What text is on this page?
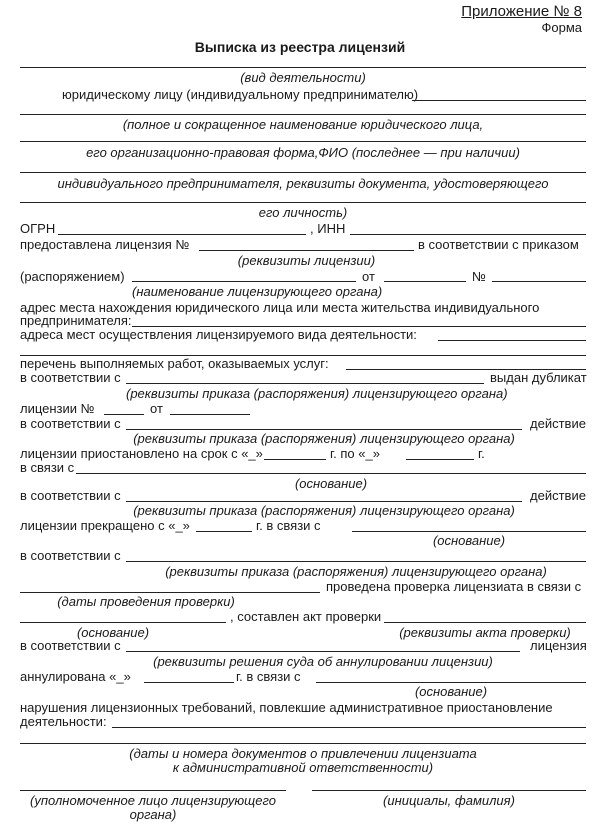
Приложение № 8
Форма
Выписка из реестра лицензий
(вид деятельности)
юридическому лицу (индивидуальному предпринимателю)
(полное и сокращенное наименование юридического лица,
его организационно-правовая форма,ФИО (последнее — при наличии)
индивидуального предпринимателя, реквизиты документа, удостоверяющего
его личность)
ОГРН	, ИНН
предоставлена лицензия №	в соответствии с приказом
(реквизиты лицензии)
(распоряжением)	от	№
(наименование лицензирующего органа)
адрес места нахождения юридического лица или места жительства индивидуального
предпринимателя:
адреса мест осуществления лицензируемого вида деятельности:
перечень выполняемых работ, оказываемых услуг:
в соответствии с	выдан дубликат
(реквизиты приказа (распоряжения) лицензирующего органа)
лицензии №	от
в соответствии с	действие
(реквизиты приказа (распоряжения) лицензирующего органа)
лицензии приостановлено на срок с «_»	г. по «_»	г.
в связи с
(основание)
в соответствии с	действие
(реквизиты приказа (распоряжения) лицензирующего органа)
лицензии прекращено с «_»	г. в связи с
(основание)
в соответствии с
(реквизиты приказа (распоряжения) лицензирующего органа)
проведена проверка лицензиата в связи с
(даты проведения проверки)
, составлен акт проверки
(основание)	(реквизиты акта проверки)
в соответствии с	лицензия
(реквизиты решения суда об аннулировании лицензии)
аннулирована «_»	г. в связи с
(основание)
нарушения лицензионных требований, повлекшие административное приостановление
деятельности:
(даты и номера документов о привлечении лицензиата
к административной ответственности)
(уполномоченное лицо лицензирующего
органа)
(инициалы, фамилия)
